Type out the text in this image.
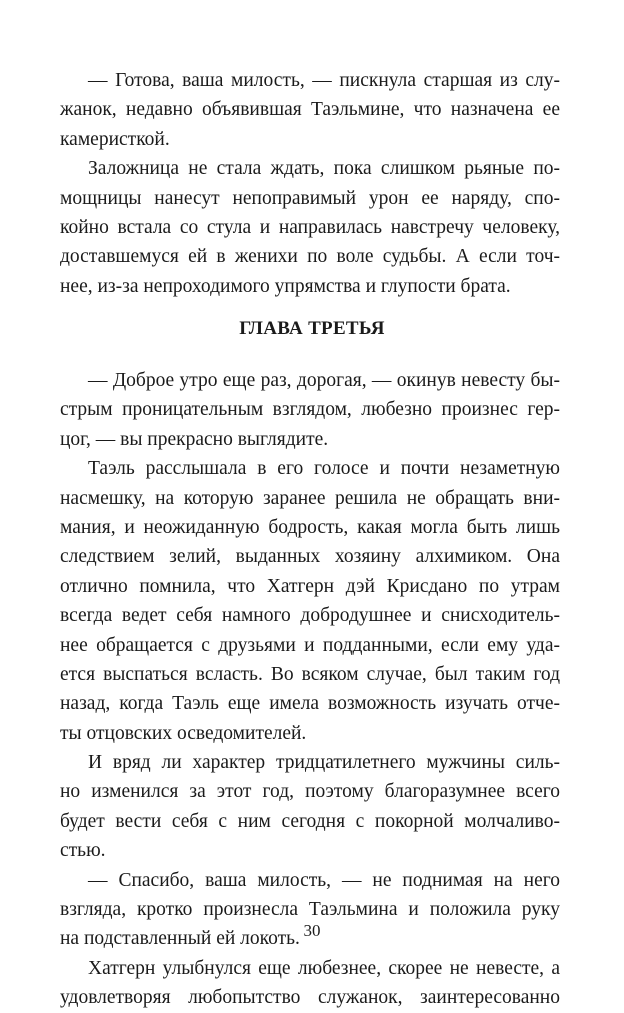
— Готова, ваша милость, — пискнула старшая из слу-
жанок, недавно объявившая Таэльмине, что назначена ее
камеристкой.
Заложница не стала ждать, пока слишком рьяные по-
мощницы нанесут непоправимый урон ее наряду, спо-
койно встала со стула и направилась навстречу человеку,
доставшемуся ей в женихи по воле судьбы. А если точ-
нее, из-за непроходимого упрямства и глупости брата.
ГЛАВА ТРЕТЬЯ
— Доброе утро еще раз, дорогая, — окинув невесту бы-
стрым проницательным взглядом, любезно произнес гер-
цог, — вы прекрасно выглядите.
Таэль расслышала в его голосе и почти незаметную
насмешку, на которую заранее решила не обращать вни-
мания, и неожиданную бодрость, какая могла быть лишь
следствием зелий, выданных хозяину алхимиком. Она
отлично помнила, что Хатгерн дэй Крисдано по утрам
всегда ведет себя намного добродушнее и снисходитель-
нее обращается с друзьями и подданными, если ему уда-
ется выспаться всласть. Во всяком случае, был таким год
назад, когда Таэль еще имела возможность изучать отче-
ты отцовских осведомителей.
И вряд ли характер тридцатилетнего мужчины силь-
но изменился за этот год, поэтому благоразумнее всего
будет вести себя с ним сегодня с покорной молчаливо-
стью.
— Спасибо, ваша милость, — не поднимая на него
взгляда, кротко произнесла Таэльмина и положила руку
на подставленный ей локоть.
Хатгерн улыбнулся еще любезнее, скорее не невесте, а
удовлетворяя любопытство служанок, заинтересованно
30
